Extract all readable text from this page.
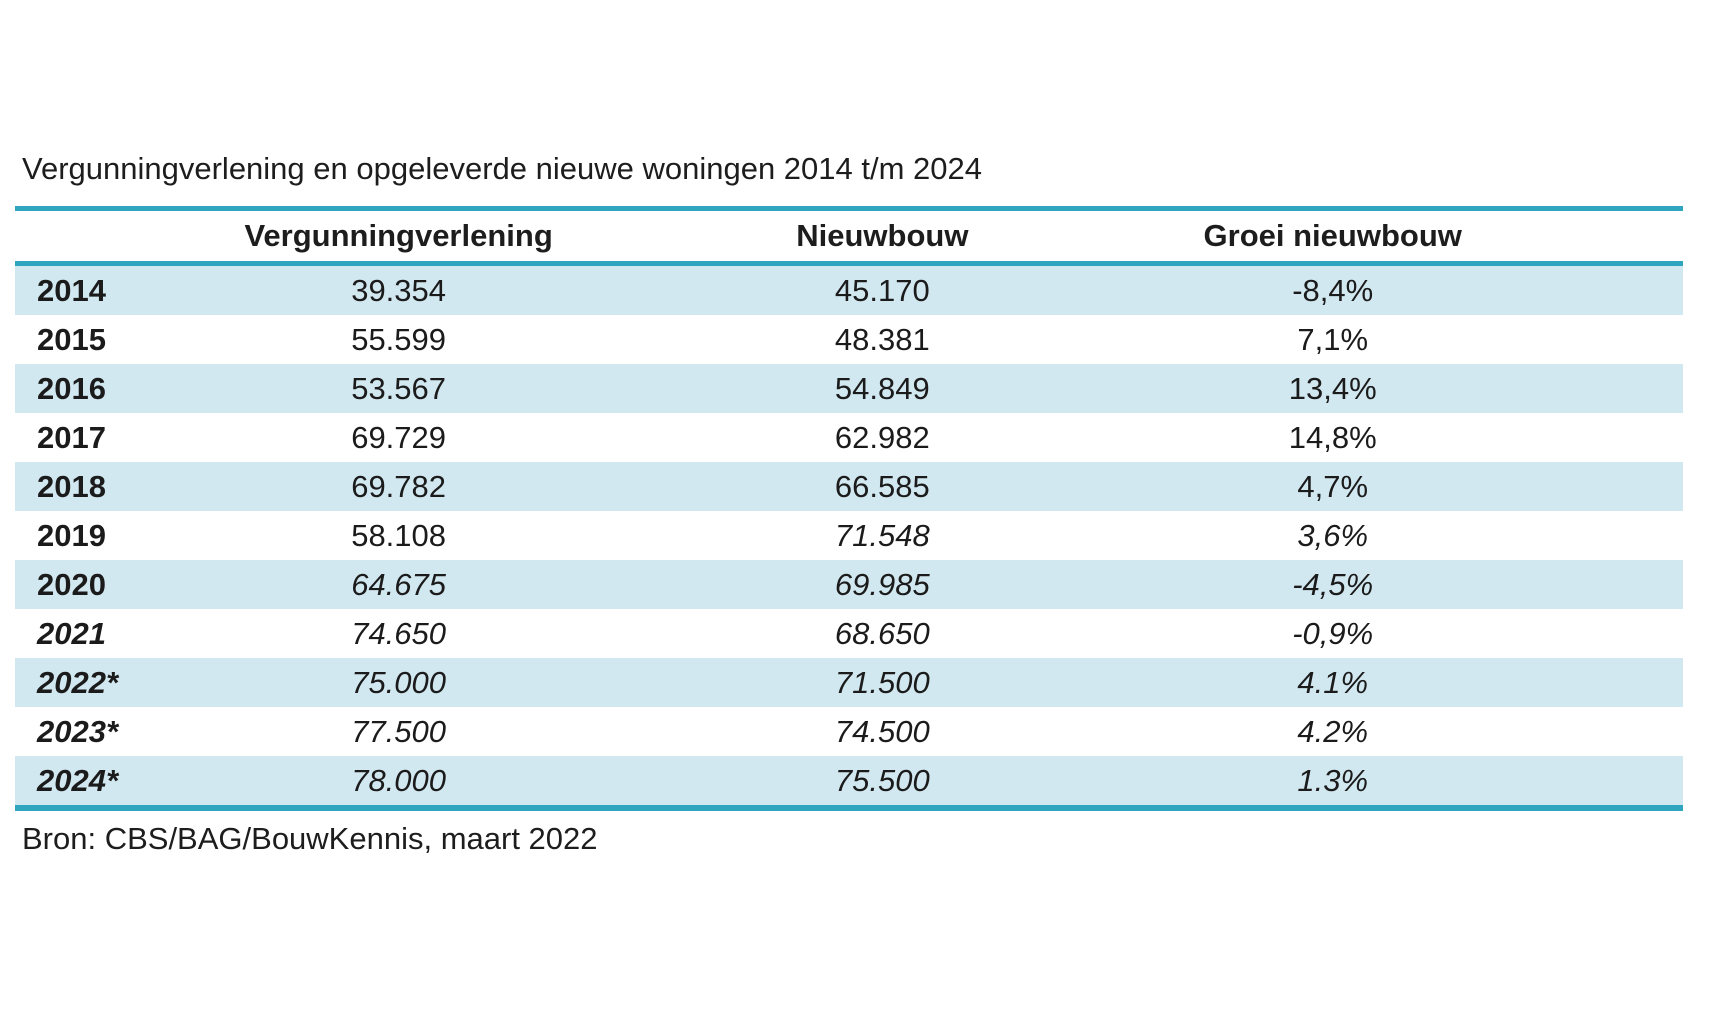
Vergunningverlening en opgeleverde nieuwe woningen 2014 t/m 2024
	Vergunningverlening	Nieuwbouw	Groei nieuwbouw	
2014	39.354	45.170	-8,4%	
2015	55.599	48.381	7,1%	
2016	53.567	54.849	13,4%	
2017	69.729	62.982	14,8%	
2018	69.782	66.585	4,7%	
2019	58.108	71.548	3,6%	
2020	64.675	69.985	-4,5%	
2021	74.650	68.650	-0,9%	
2022*	75.000	71.500	4.1%	
2023*	77.500	74.500	4.2%	
2024*	78.000	75.500	1.3%	
Bron: CBS/BAG/BouwKennis, maart 2022
